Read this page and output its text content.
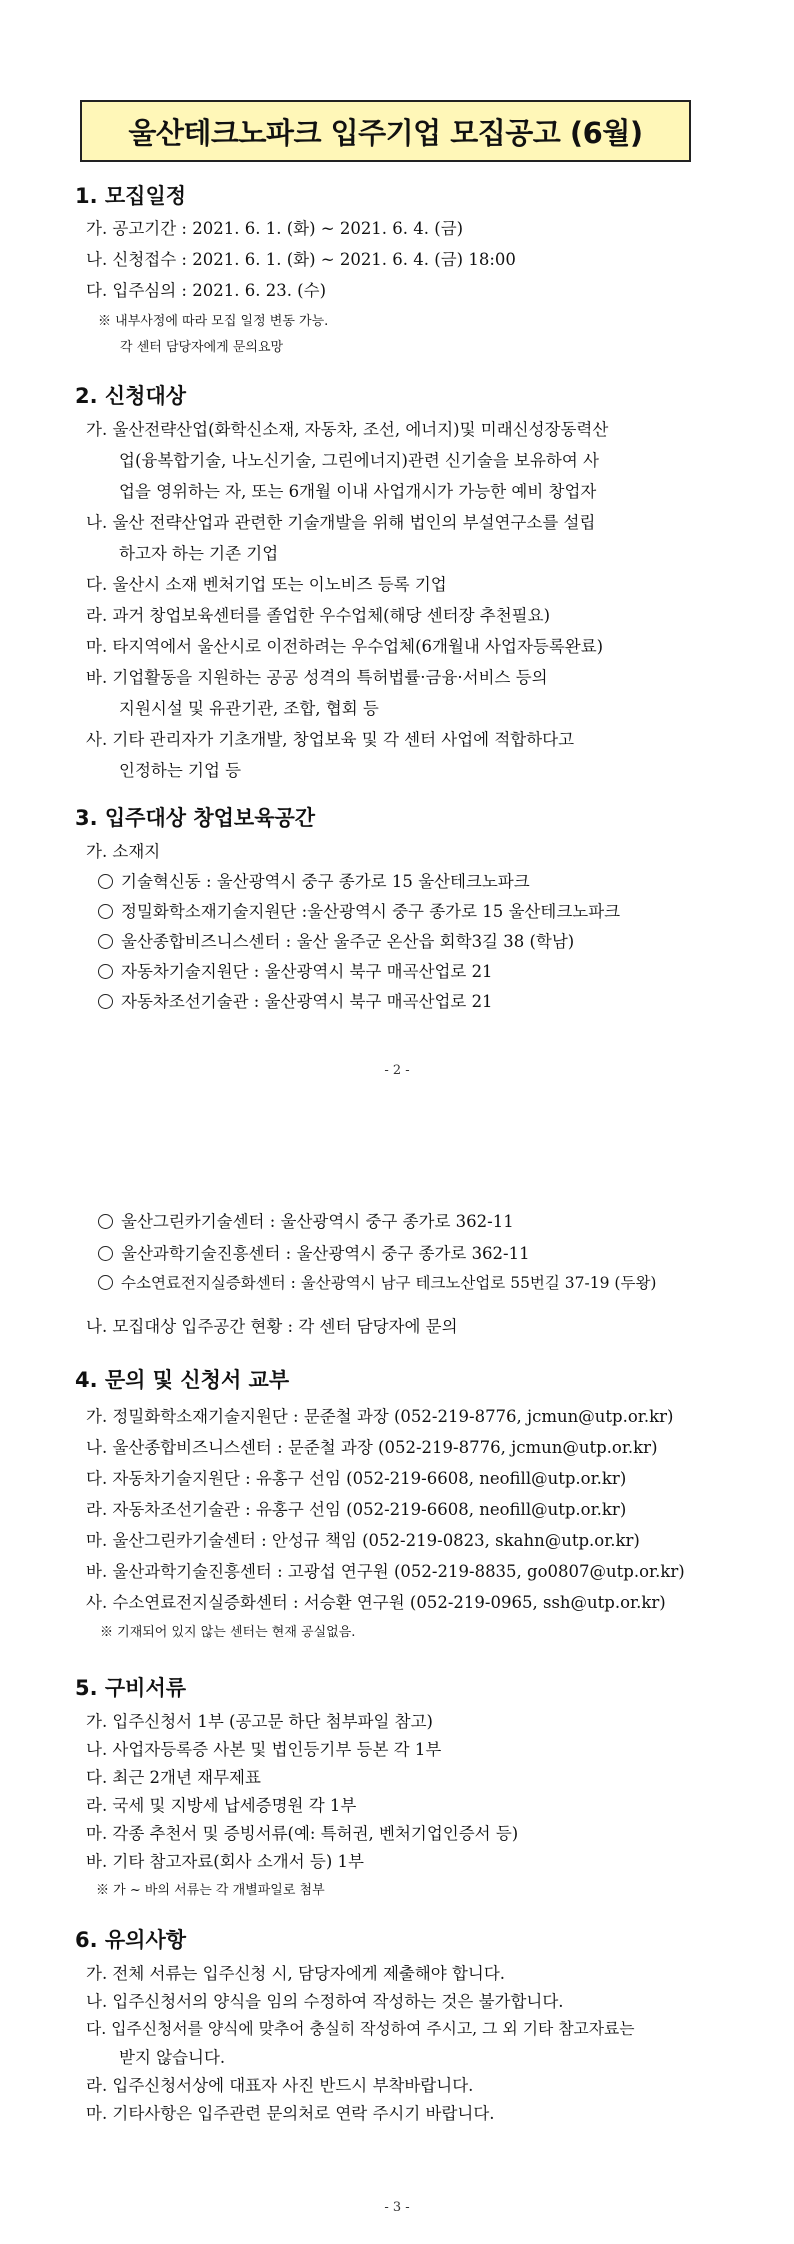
울산테크노파크 입주기업 모집공고 (6월)
1. 모집일정
가. 공고기간 : 2021. 6. 1. (화) ~ 2021. 6. 4. (금)
나. 신청접수 : 2021. 6. 1. (화) ~ 2021. 6. 4. (금) 18:00
다. 입주심의 : 2021. 6. 23. (수)
※ 내부사정에 따라 모집 일정 변동 가능.
각 센터 담당자에게 문의요망
2. 신청대상
가. 울산전략산업(화학신소재, 자동차, 조선, 에너지)및 미래신성장동력산
업(융복합기술, 나노신기술, 그린에너지)관련 신기술을 보유하여 사
업을 영위하는 자, 또는 6개월 이내 사업개시가 가능한 예비 창업자
나. 울산 전략산업과 관련한 기술개발을 위해 법인의 부설연구소를 설립
하고자 하는 기존 기업
다. 울산시 소재 벤처기업 또는 이노비즈 등록 기업
라. 과거 창업보육센터를 졸업한 우수업체(해당 센터장 추천필요)
마. 타지역에서 울산시로 이전하려는 우수업체(6개월내 사업자등록완료)
바. 기업활동을 지원하는 공공 성격의 특허법률·금융·서비스 등의
지원시설 및 유관기관, 조합, 협회 등
사. 기타 관리자가 기초개발, 창업보육 및 각 센터 사업에 적합하다고
인정하는 기업 등
3. 입주대상 창업보육공간
가. 소재지
기술혁신동 : 울산광역시 중구 종가로 15 울산테크노파크
정밀화학소재기술지원단 :울산광역시 중구 종가로 15 울산테크노파크
울산종합비즈니스센터 : 울산 울주군 온산읍 회학3길 38 (학남)
자동차기술지원단 : 울산광역시 북구 매곡산업로 21
자동차조선기술관 : 울산광역시 북구 매곡산업로 21
- 2 -
울산그린카기술센터 : 울산광역시 중구 종가로 362-11
울산과학기술진흥센터 : 울산광역시 중구 종가로 362-11
수소연료전지실증화센터 : 울산광역시 남구 테크노산업로 55번길 37-19 (두왕)
나. 모집대상 입주공간 현황 : 각 센터 담당자에 문의
4. 문의 및 신청서 교부
가. 정밀화학소재기술지원단 : 문준철 과장 (052-219-8776, jcmun@utp.or.kr)
나. 울산종합비즈니스센터 : 문준철 과장 (052-219-8776, jcmun@utp.or.kr)
다. 자동차기술지원단 : 유홍구 선임 (052-219-6608, neofill@utp.or.kr)
라. 자동차조선기술관 : 유홍구 선임 (052-219-6608, neofill@utp.or.kr)
마. 울산그린카기술센터 : 안성규 책임 (052-219-0823, skahn@utp.or.kr)
바. 울산과학기술진흥센터 : 고광섭 연구원 (052-219-8835, go0807@utp.or.kr)
사. 수소연료전지실증화센터 : 서승환 연구원 (052-219-0965, ssh@utp.or.kr)
※ 기재되어 있지 않는 센터는 현재 공실없음.
5. 구비서류
가. 입주신청서 1부 (공고문 하단 첨부파일 참고)
나. 사업자등록증 사본 및 법인등기부 등본 각 1부
다. 최근 2개년 재무제표
라. 국세 및 지방세 납세증명원 각 1부
마. 각종 추천서 및 증빙서류(예: 특허권, 벤처기업인증서 등)
바. 기타 참고자료(회사 소개서 등) 1부
※ 가 ~ 바의 서류는 각 개별파일로 첨부
6. 유의사항
가. 전체 서류는 입주신청 시, 담당자에게 제출해야 합니다.
나. 입주신청서의 양식을 임의 수정하여 작성하는 것은 불가합니다.
다. 입주신청서를 양식에 맞추어 충실히 작성하여 주시고, 그 외 기타 참고자료는
받지 않습니다.
라. 입주신청서상에 대표자 사진 반드시 부착바랍니다.
마. 기타사항은 입주관련 문의처로 연락 주시기 바랍니다.
- 3 -
